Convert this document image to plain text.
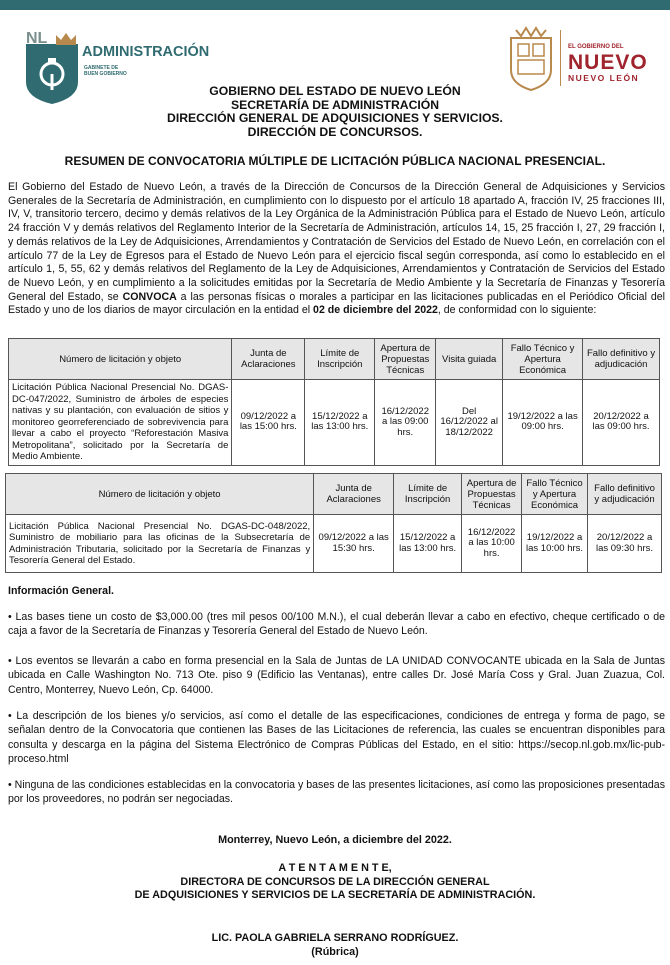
NL
ADMINISTRACIÓN
GABINETE DE
BUEN GOBIERNO
EL GOBIERNO DEL
NUEVO
NUEVO LEÓN
GOBIERNO DEL ESTADO DE NUEVO LEÓN
SECRETARÍA DE ADMINISTRACIÓN
DIRECCIÓN GENERAL DE ADQUISICIONES Y SERVICIOS.
DIRECCIÓN DE CONCURSOS.
RESUMEN DE CONVOCATORIA MÚLTIPLE DE LICITACIÓN PÚBLICA NACIONAL PRESENCIAL.
El Gobierno del Estado de Nuevo León, a través de la Dirección de Concursos de la Dirección General de Adquisiciones y Servicios Generales de la Secretaría de Administración, en cumplimiento con lo dispuesto por el artículo 18 apartado A, fracción IV, 25 fracciones III, IV, V, transitorio tercero, decimo y demás relativos de la Ley Orgánica de la Administración Pública para el Estado de Nuevo León, artículo 24 fracción V y demás relativos del Reglamento Interior de la Secretaría de Administración, artículos 14, 15, 25 fracción I, 27, 29 fracción I, y demás relativos de la Ley de Adquisiciones, Arrendamientos y Contratación de Servicios del Estado de Nuevo León, en correlación con el artículo 77 de la Ley de Egresos para el Estado de Nuevo León para el ejercicio fiscal según corresponda, así como lo establecido en el artículo 1, 5, 55, 62 y demás relativos del Reglamento de la Ley de Adquisiciones, Arrendamientos y Contratación de Servicios del Estado de Nuevo León, y en cumplimiento a la solicitudes emitidas por la Secretaría de Medio Ambiente y la Secretaría de Finanzas y Tesorería General del Estado, se CONVOCA a las personas físicas o morales a participar en las licitaciones publicadas en el Periódico Oficial del Estado y uno de los diarios de mayor circulación en la entidad el 02 de diciembre del 2022, de conformidad con lo siguiente:
Número de licitación y objeto	Junta de Aclaraciones	Límite de Inscripción	Apertura de Propuestas Técnicas	Visita guiada	Fallo Técnico y Apertura Económica	Fallo definitivo y adjudicación
Licitación Pública Nacional Presencial No. DGAS-DC-047/2022, Suministro de árboles de especies nativas y su plantación, con evaluación de sitios y monitoreo georreferenciado de sobrevivencia para llevar a cabo el proyecto “Reforestación Masiva Metropolitana”, solicitado por la Secretaría de Medio Ambiente.	09/12/2022 a las 15:00 hrs.	15/12/2022 a las 13:00 hrs.	16/12/2022 a las 09:00 hrs.	Del 16/12/2022 al 18/12/2022	19/12/2022 a las 09:00 hrs.	20/12/2022 a las 09:00 hrs.
Número de licitación y objeto	Junta de Aclaraciones	Límite de Inscripción	Apertura de Propuestas Técnicas	Fallo Técnico y Apertura Económica	Fallo definitivo y adjudicación
Licitación Pública Nacional Presencial No. DGAS-DC-048/2022, Suministro de mobiliario para las oficinas de la Subsecretaría de Administración Tributaria, solicitado por la Secretaría de Finanzas y Tesorería General del Estado.	09/12/2022 a las 15:30 hrs.	15/12/2022 a las 13:00 hrs.	16/12/2022 a las 10:00 hrs.	19/12/2022 a las 10:00 hrs.	20/12/2022 a las 09:30 hrs.
Información General.
• Las bases tiene un costo de $3,000.00 (tres mil pesos 00/100 M.N.), el cual deberán llevar a cabo en efectivo, cheque certificado o de caja a favor de la Secretaría de Finanzas y Tesorería General del Estado de Nuevo León.
• Los eventos se llevarán a cabo en forma presencial en la Sala de Juntas de LA UNIDAD CONVOCANTE ubicada en la Sala de Juntas ubicada en Calle Washington No. 713 Ote. piso 9 (Edificio las Ventanas), entre calles Dr. José María Coss y Gral. Juan Zuazua, Col. Centro, Monterrey, Nuevo León, Cp. 64000.
• La descripción de los bienes y/o servicios, así como el detalle de las especificaciones, condiciones de entrega y forma de pago, se señalan dentro de la Convocatoria que contienen las Bases de las Licitaciones de referencia, las cuales se encuentran disponibles para consulta y descarga en la página del Sistema Electrónico de Compras Públicas del Estado, en el sitio: https://secop.nl.gob.mx/lic-pub-proceso.html
• Ninguna de las condiciones establecidas en la convocatoria y bases de las presentes licitaciones, así como las proposiciones presentadas por los proveedores, no podrán ser negociadas.
Monterrey, Nuevo León, a diciembre del 2022.
A T E N T A M E N T E,
DIRECTORA DE CONCURSOS DE LA DIRECCIÓN GENERAL
DE ADQUISICIONES Y SERVICIOS DE LA SECRETARÍA DE ADMINISTRACIÓN.
LIC. PAOLA GABRIELA SERRANO RODRÍGUEZ.
(Rúbrica)
